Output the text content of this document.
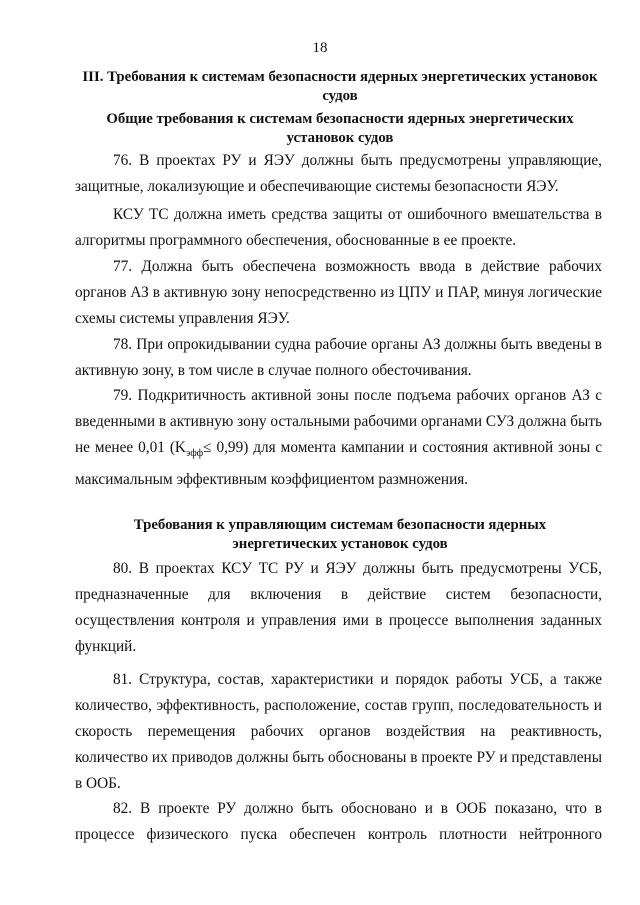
18
III. Требования к системам безопасности ядерных энергетических установок судов
Общие требования к системам безопасности ядерных энергетических установок судов
76. В проектах РУ и ЯЭУ должны быть предусмотрены управляющие, защитные, локализующие и обеспечивающие системы безопасности ЯЭУ.
КСУ ТС должна иметь средства защиты от ошибочного вмешательства в алгоритмы программного обеспечения, обоснованные в ее проекте.
77. Должна быть обеспечена возможность ввода в действие рабочих органов АЗ в активную зону непосредственно из ЦПУ и ПАР, минуя логические схемы системы управления ЯЭУ.
78. При опрокидывании судна рабочие органы АЗ должны быть введены в активную зону, в том числе в случае полного обесточивания.
79. Подкритичность активной зоны после подъема рабочих органов АЗ с введенными в активную зону остальными рабочими органами СУЗ должна быть не менее 0,01 $(K_{эфф}\le 0,99)$ для момента кампании и состояния активной зоны с максимальным эффективным коэффициентом размножения.
Требования к управляющим системам безопасности ядерных энергетических установок судов
80. В проектах КСУ ТС РУ и ЯЭУ должны быть предусмотрены УСБ, предназначенные для включения в действие систем безопасности, осуществления контроля и управления ими в процессе выполнения заданных функций.
81. Структура, состав, характеристики и порядок работы УСБ, а также количество, эффективность, расположение, состав групп, последовательность и скорость перемещения рабочих органов воздействия на реактивность, количество их приводов должны быть обоснованы в проекте РУ и представлены в ООБ.
82. В проекте РУ должно быть обосновано и в ООБ показано, что в процессе физического пуска обеспечен контроль плотности нейтронного
